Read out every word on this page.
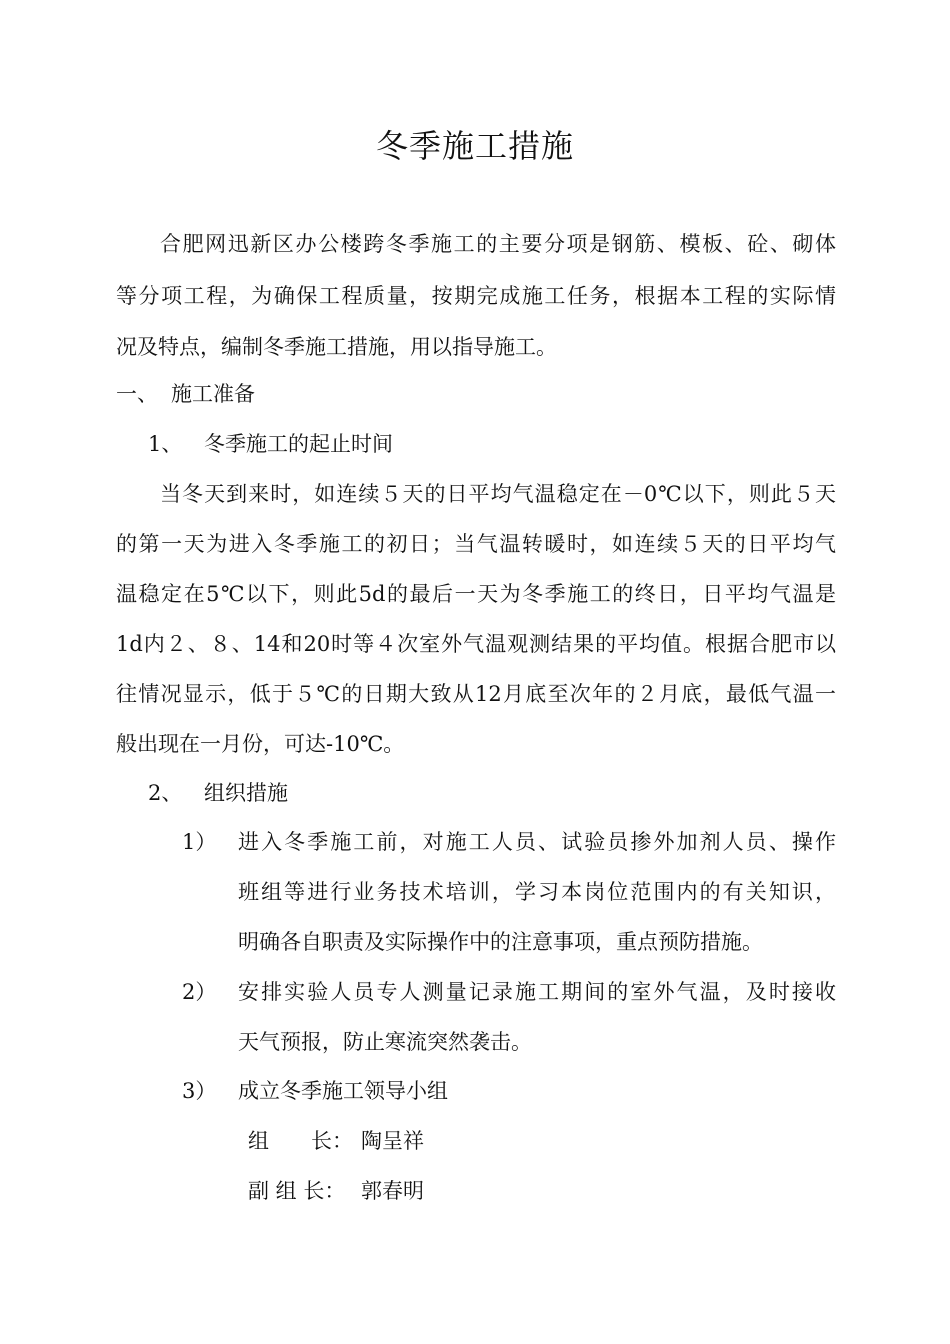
冬季施工措施
合肥网迅新区办公楼跨冬季施工的主要分项是钢筋、模板、砼、砌体
等分项工程，为确保工程质量，按期完成施工任务，根据本工程的实际情
况及特点，编制冬季施工措施，用以指导施工。
一、 施工准备
1、 冬季施工的起止时间
当冬天到来时，如连续５天的日平均气温稳定在－0℃以下，则此５天
的第一天为进入冬季施工的初日；当气温转暖时，如连续５天的日平均气
温稳定在5℃以下，则此5d的最后一天为冬季施工的终日，日平均气温是
1d内２、８、14和20时等４次室外气温观测结果的平均值。根据合肥市以
往情况显示，低于５℃的日期大致从12月底至次年的２月底，最低气温一
般出现在一月份，可达-10℃。
2、 组织措施
1） 进入冬季施工前，对施工人员、试验员掺外加剂人员、操作
班组等进行业务技术培训，学习本岗位范围内的有关知识，
明确各自职责及实际操作中的注意事项，重点预防措施。
2） 安排实验人员专人测量记录施工期间的室外气温，及时接收
天气预报，防止寒流突然袭击。
3） 成立冬季施工领导小组
组　　长： 陶呈祥
副 组 长： 郭春明
